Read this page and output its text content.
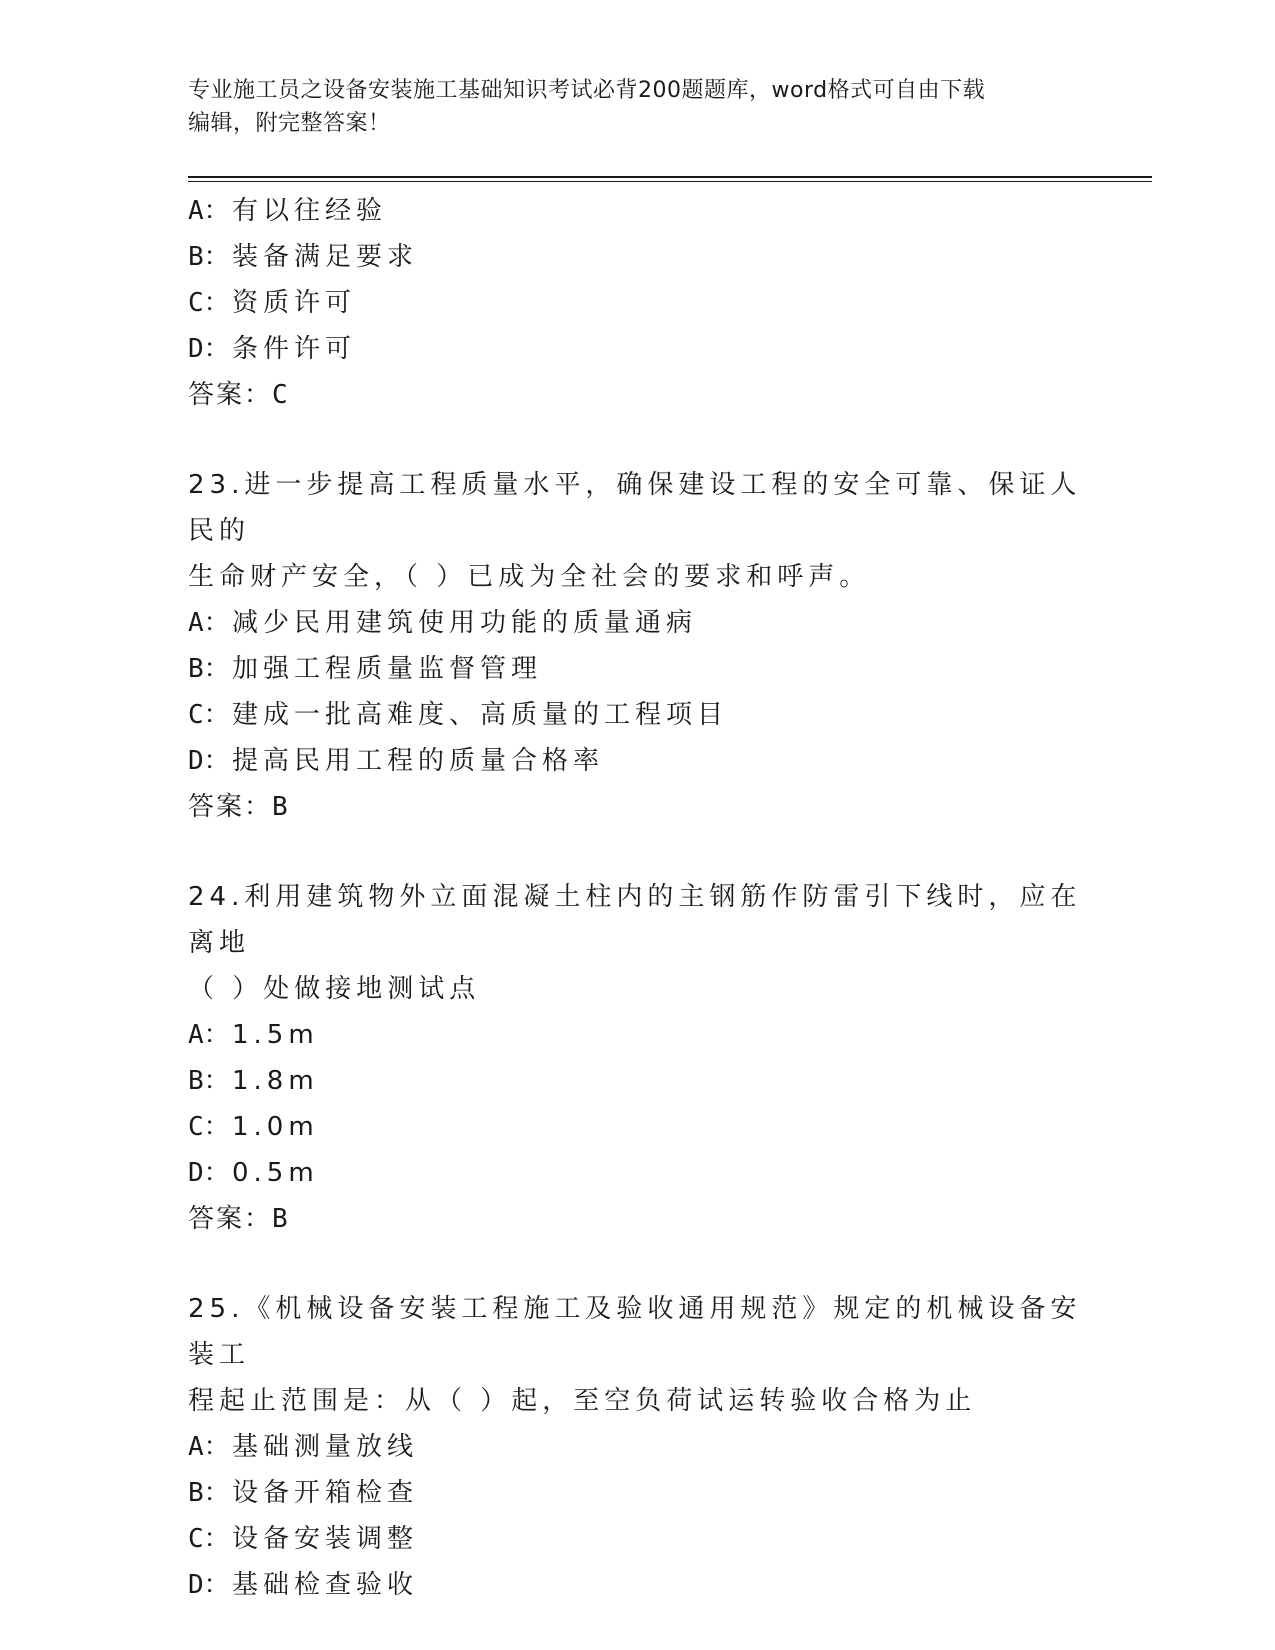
专业施工员之设备安装施工基础知识考试必背200题题库，word格式可自由下载
编辑，附完整答案！
A：有以往经验
B：装备满足要求
C：资质许可
D：条件许可
答案：C
23.进一步提高工程质量水平，确保建设工程的安全可靠、保证人民的
生命财产安全，（ ）已成为全社会的要求和呼声。
A：减少民用建筑使用功能的质量通病
B：加强工程质量监督管理
C：建成一批高难度、高质量的工程项目
D：提高民用工程的质量合格率
答案：B
24.利用建筑物外立面混凝土柱内的主钢筋作防雷引下线时，应在离地
（ ）处做接地测试点
A：1.5m
B：1.8m
C：1.0m
D：0.5m
答案：B
25.《机械设备安装工程施工及验收通用规范》规定的机械设备安装工
程起止范围是：从（ ）起，至空负荷试运转验收合格为止
A：基础测量放线
B：设备开箱检查
C：设备安装调整
D：基础检查验收
